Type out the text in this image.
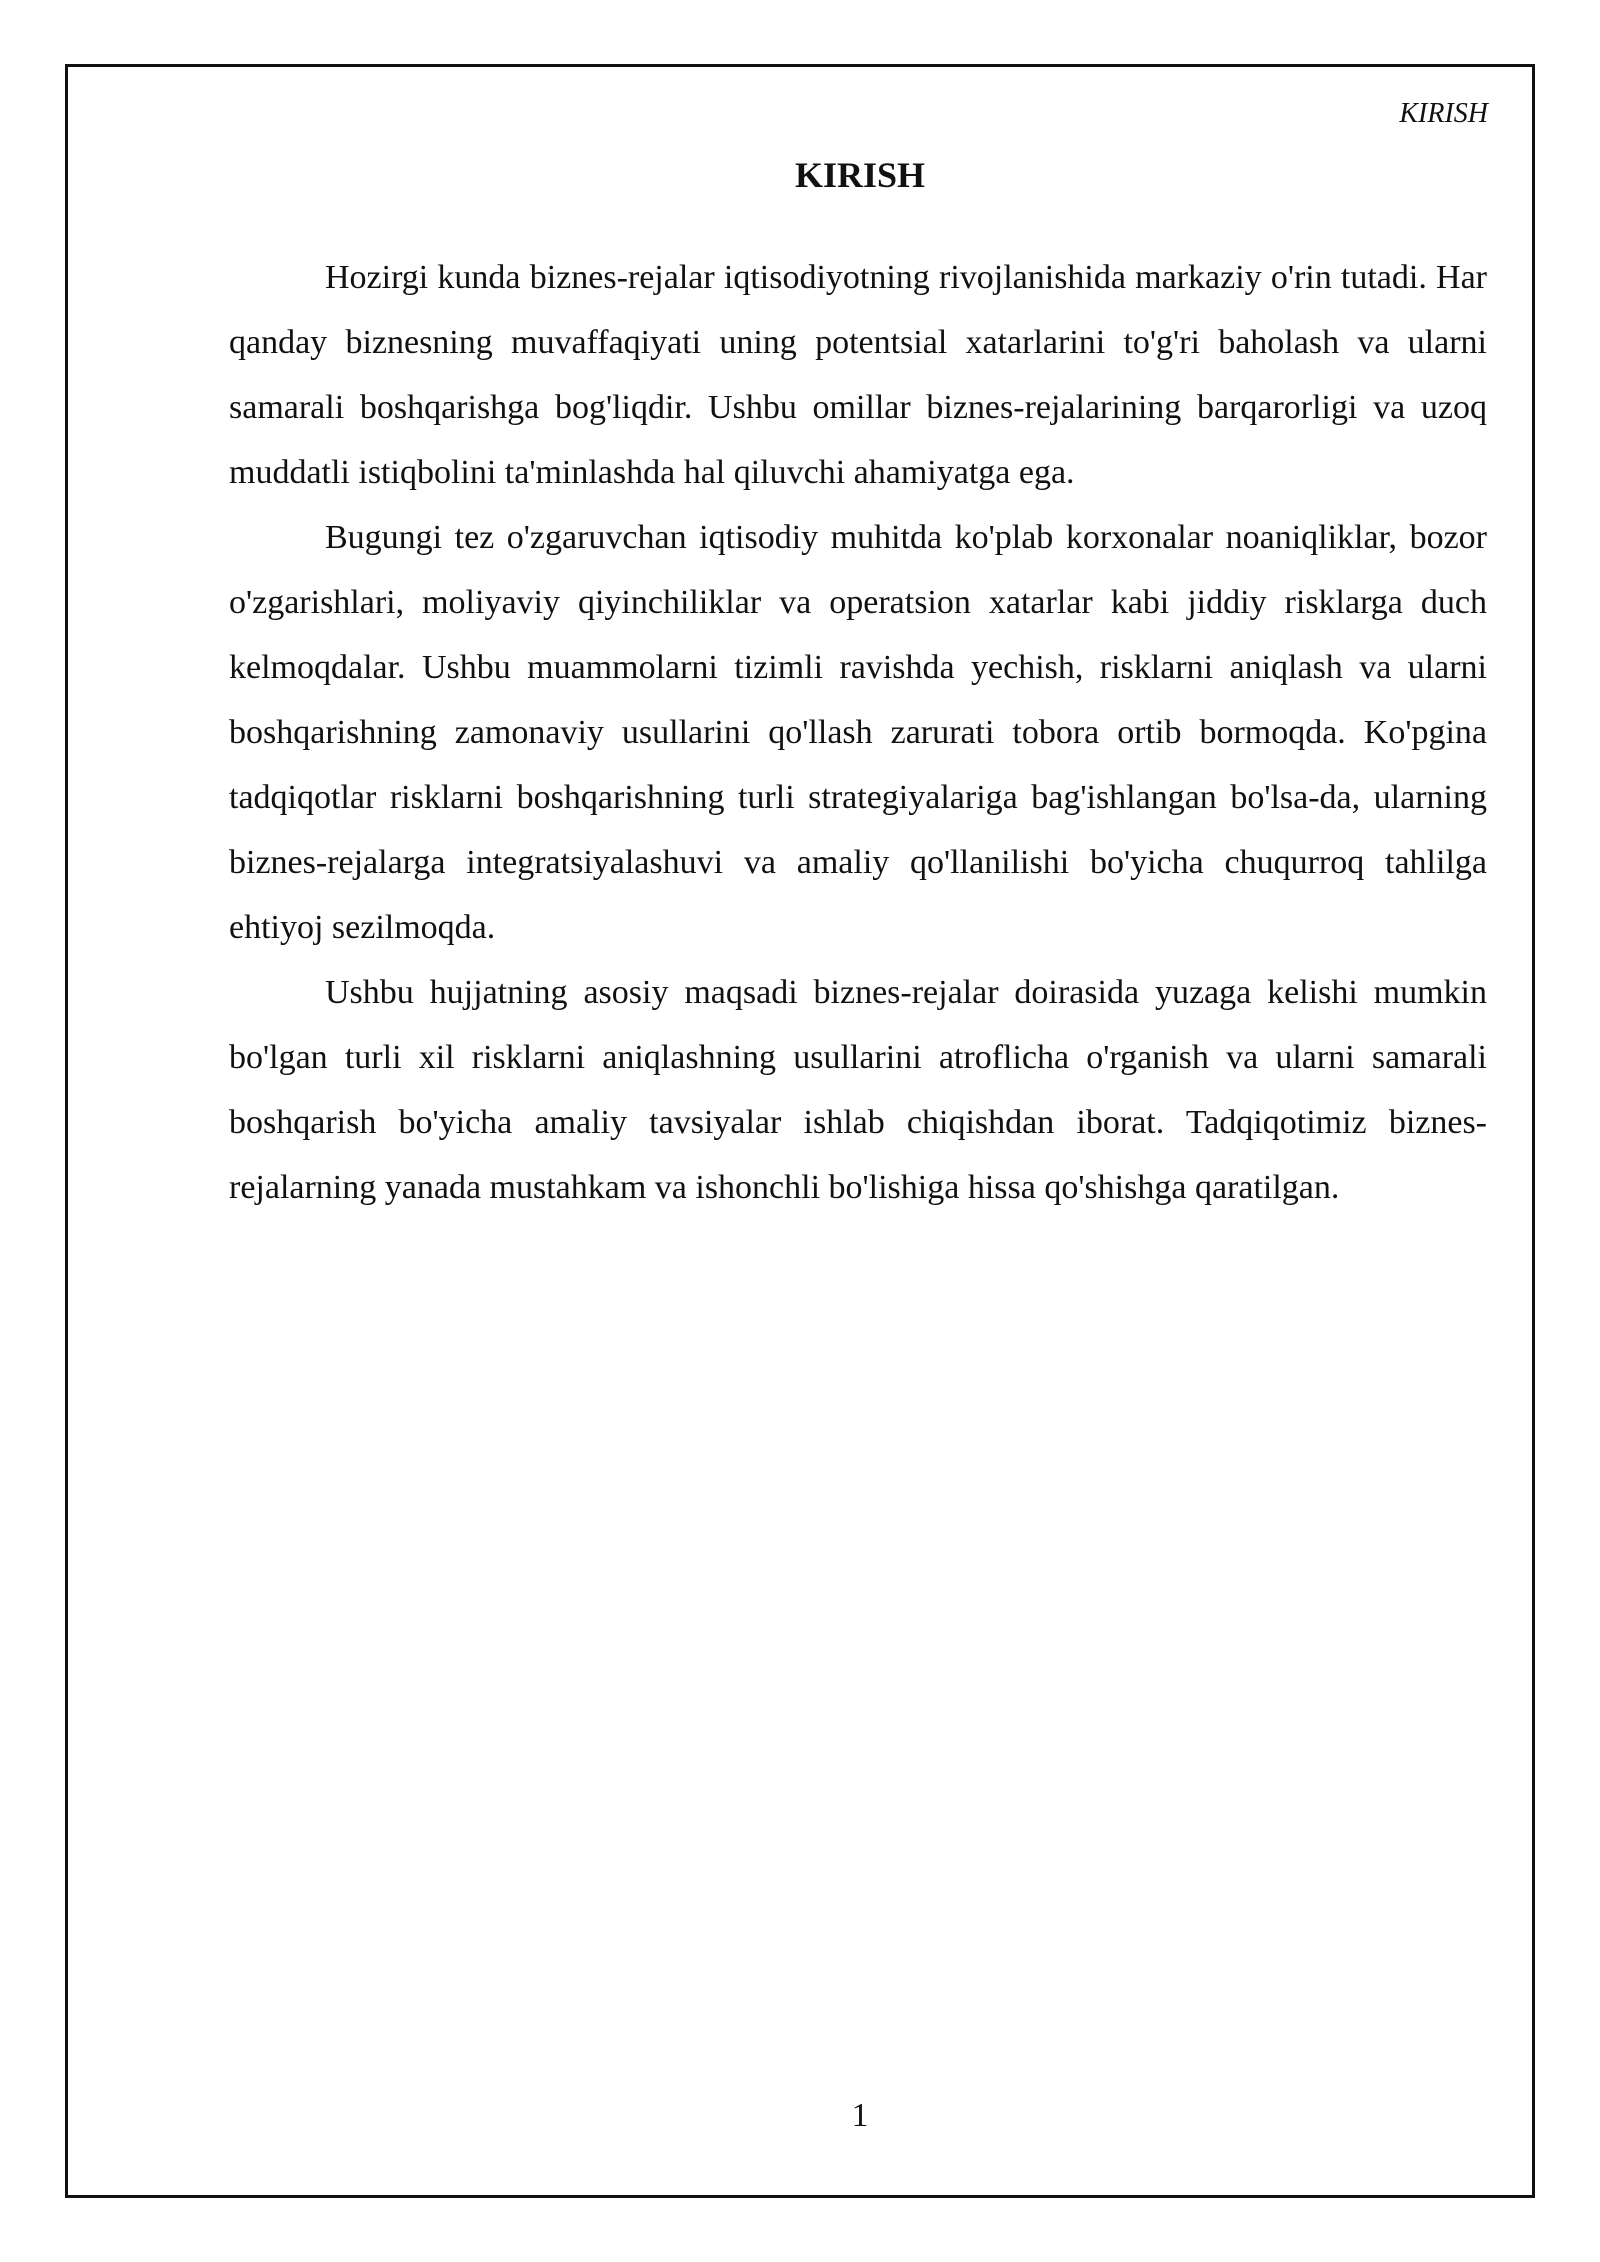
KIRISH
KIRISH

Hozirgi kunda biznes-rejalar iqtisodiyotning rivojlanishida markaziy o'rin tutadi. Har qanday biznesning muvaffaqiyati uning potentsial xatarlarini to'g'ri baholash va ularni samarali boshqarishga bog'liqdir. Ushbu omillar biznes-rejalarining barqarorligi va uzoq muddatli istiqbolini ta'minlashda hal qiluvchi ahamiyatga ega.

Bugungi tez o'zgaruvchan iqtisodiy muhitda ko'plab korxonalar noaniqliklar, bozor o'zgarishlari, moliyaviy qiyinchiliklar va operatsion xatarlar kabi jiddiy risklarga duch kelmoqdalar. Ushbu muammolarni tizimli ravishda yechish, risklarni aniqlash va ularni boshqarishning zamonaviy usullarini qo'llash zarurati tobora ortib bormoqda. Ko'pgina tadqiqotlar risklarni boshqarishning turli strategiyalariga bag'ishlangan bo'lsa-da, ularning biznes-rejalarga integratsiyalashuvi va amaliy qo'llanilishi bo'yicha chuqurroq tahlilga ehtiyoj sezilmoqda.

Ushbu hujjatning asosiy maqsadi biznes-rejalar doirasida yuzaga kelishi mumkin bo'lgan turli xil risklarni aniqlashning usullarini atroflicha o'rganish va ularni samarali boshqarish bo'yicha amaliy tavsiyalar ishlab chiqishdan iborat. Tadqiqotimiz biznes-rejalarning yanada mustahkam va ishonchli bo'lishiga hissa qo'shishga qaratilgan.

1
